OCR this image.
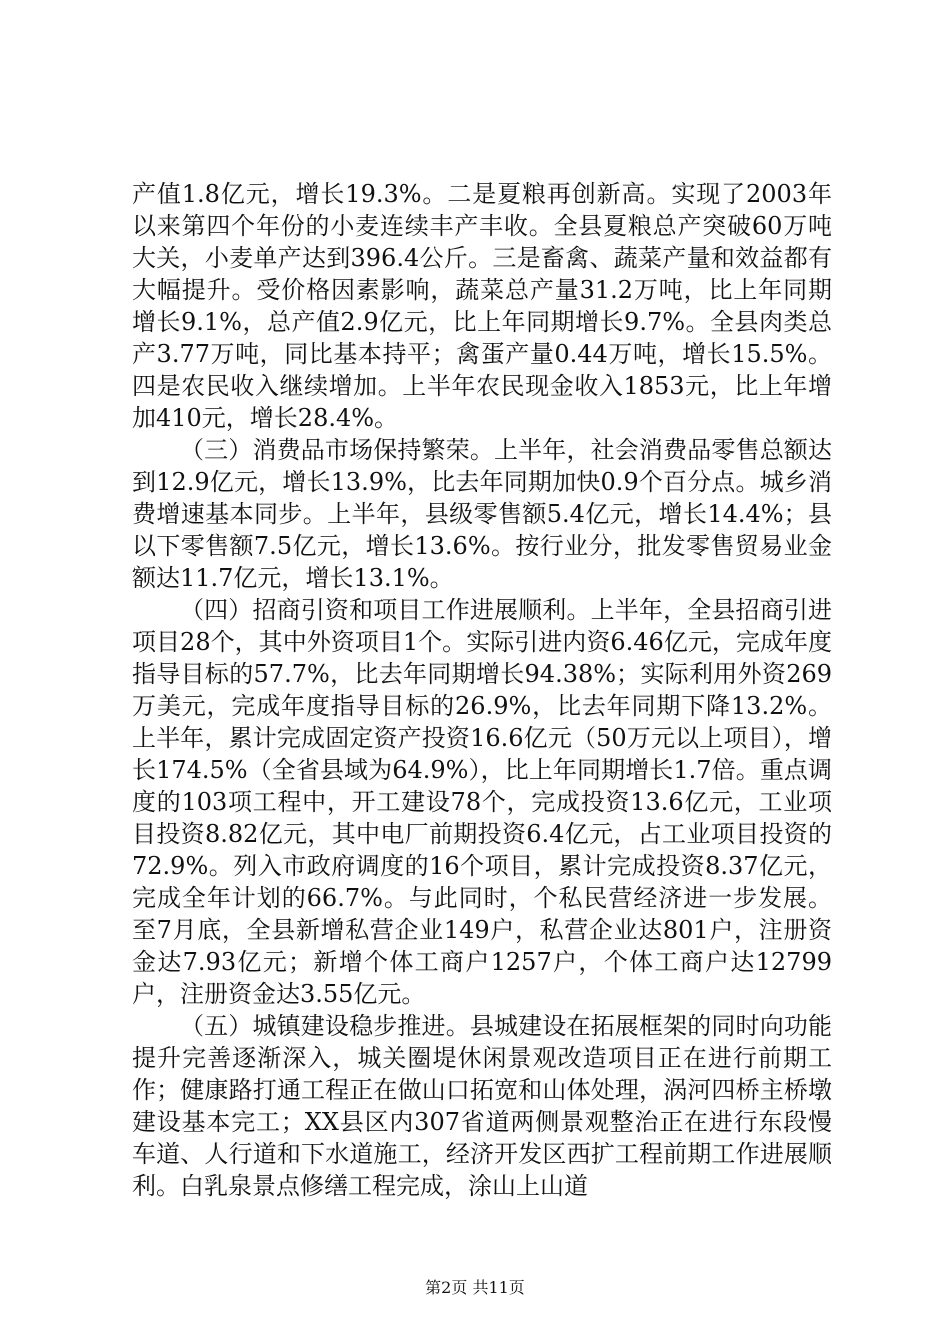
产值1.8亿元，增长19.3%。二是夏粮再创新高。实现了2003年以来第四个年份的小麦连续丰产丰收。全县夏粮总产突破60万吨大关，小麦单产达到396.4公斤。三是畜禽、蔬菜产量和效益都有大幅提升。受价格因素影响，蔬菜总产量31.2万吨，比上年同期增长9.1%，总产值2.9亿元，比上年同期增长9.7%。全县肉类总产3.77万吨，同比基本持平；禽蛋产量0.44万吨，增长15.5%。四是农民收入继续增加。上半年农民现金收入1853元，比上年增加410元，增长28.4%。

（三）消费品市场保持繁荣。上半年，社会消费品零售总额达到12.9亿元，增长13.9%，比去年同期加快0.9个百分点。城乡消费增速基本同步。上半年，县级零售额5.4亿元，增长14.4%；县以下零售额7.5亿元，增长13.6%。按行业分，批发零售贸易业金额达11.7亿元，增长13.1%。

（四）招商引资和项目工作进展顺利。上半年，全县招商引进项目28个，其中外资项目1个。实际引进内资6.46亿元，完成年度指导目标的57.7%，比去年同期增长94.38%；实际利用外资269万美元，完成年度指导目标的26.9%，比去年同期下降13.2%。上半年，累计完成固定资产投资16.6亿元（50万元以上项目），增长174.5%（全省县域为64.9%），比上年同期增长1.7倍。重点调度的103项工程中，开工建设78个，完成投资13.6亿元，工业项目投资8.82亿元，其中电厂前期投资6.4亿元，占工业项目投资的72.9%。列入市政府调度的16个项目，累计完成投资8.37亿元，完成全年计划的66.7%。与此同时，个私民营经济进一步发展。至7月底，全县新增私营企业149户，私营企业达801户，注册资金达7.93亿元；新增个体工商户1257户，个体工商户达12799户，注册资金达3.55亿元。

（五）城镇建设稳步推进。县城建设在拓展框架的同时向功能提升完善逐渐深入，城关圈堤休闲景观改造项目正在进行前期工作；健康路打通工程正在做山口拓宽和山体处理，涡河四桥主桥墩建设基本完工；XX县区内307省道两侧景观整治正在进行东段慢车道、人行道和下水道施工，经济开发区西扩工程前期工作进展顺利。白乳泉景点修缮工程完成，涂山上山道

第2页 共11页
